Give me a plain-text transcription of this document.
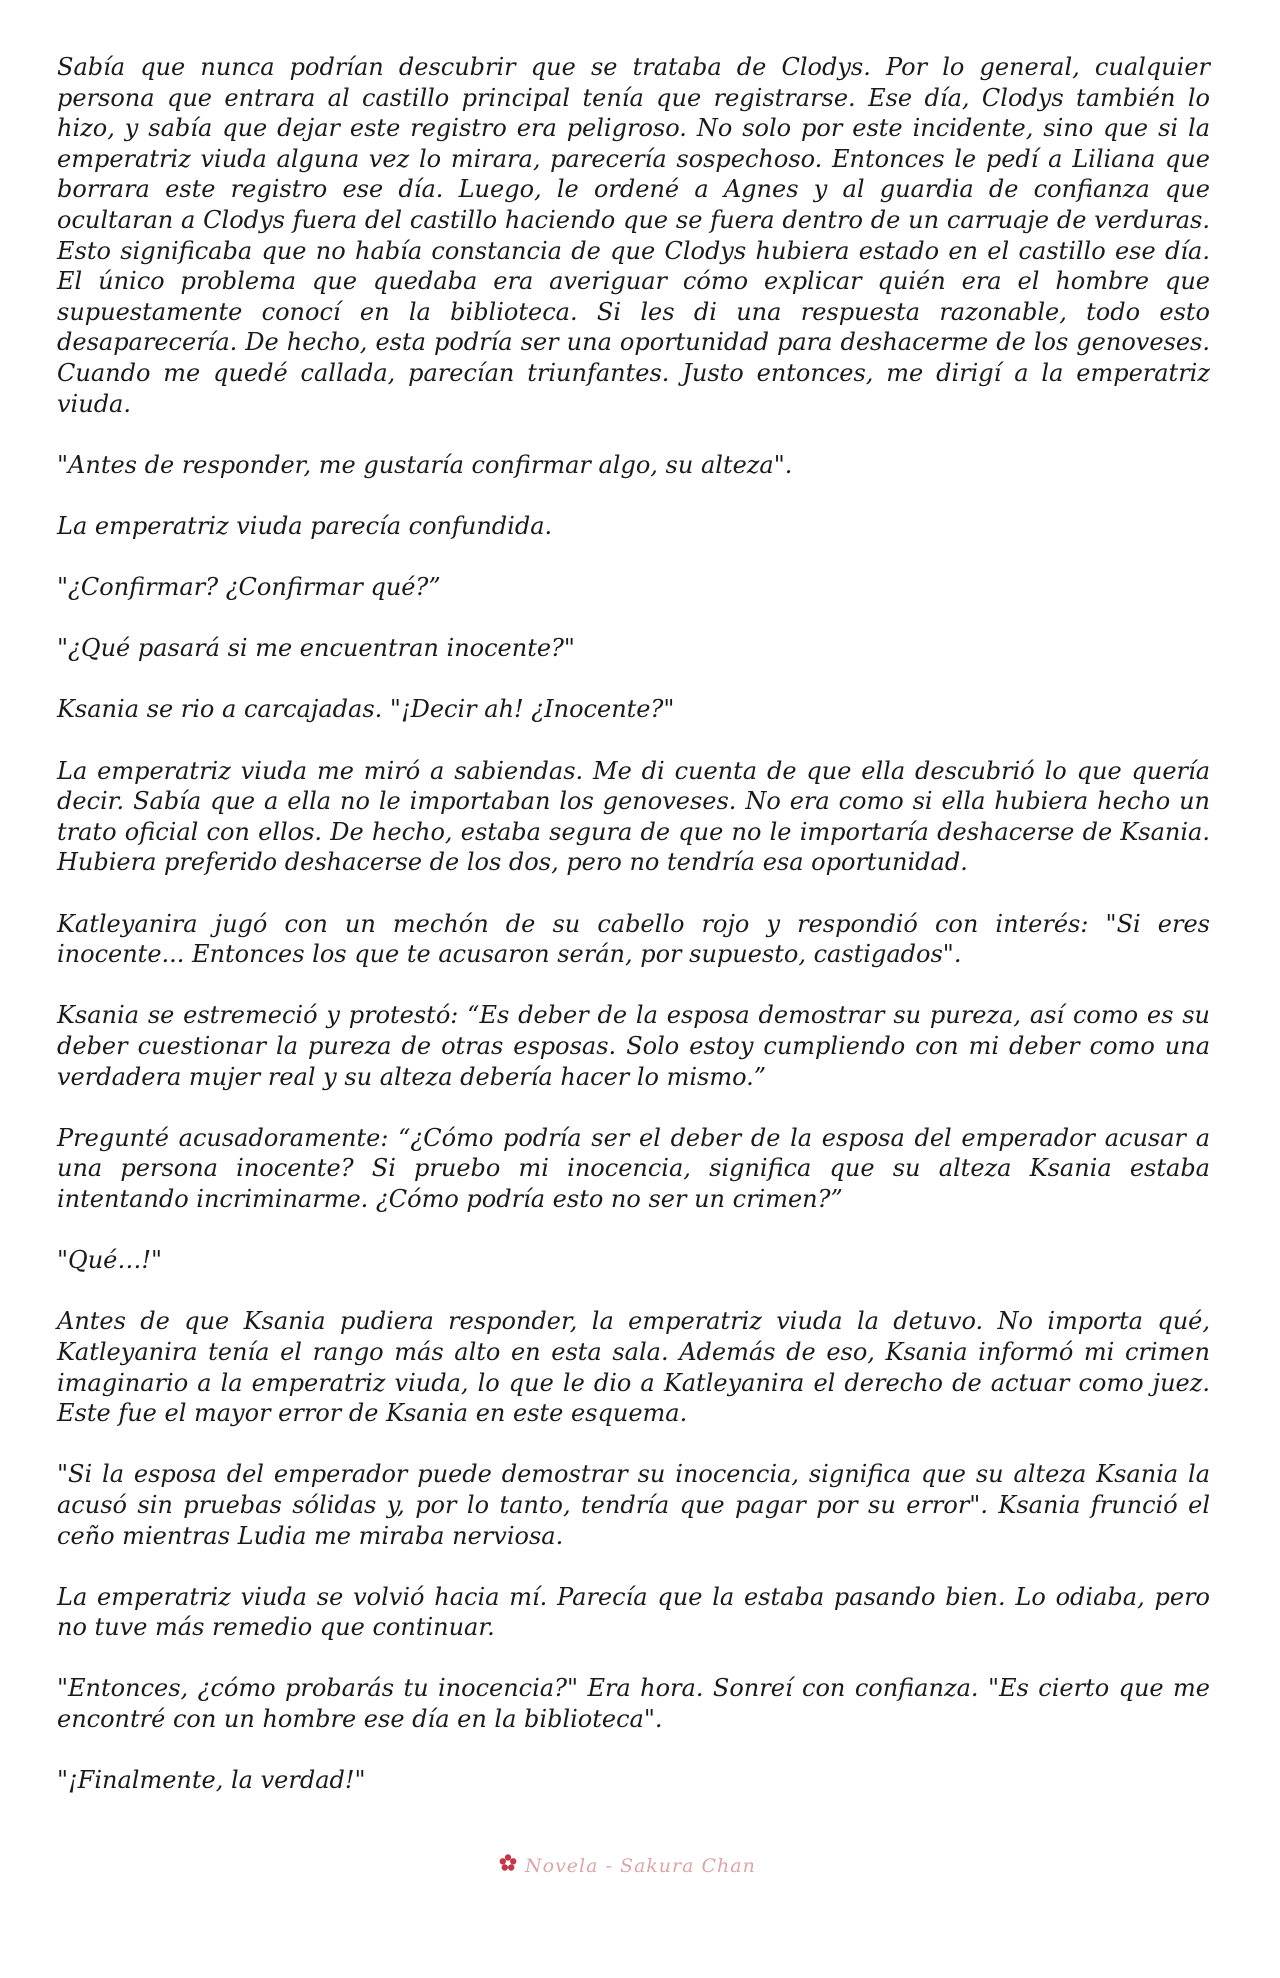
Sabía que nunca podrían descubrir que se trataba de Clodys. Por lo general, cualquier persona que entrara al castillo principal tenía que registrarse. Ese día, Clodys también lo hizo, y sabía que dejar este registro era peligroso. No solo por este incidente, sino que si la emperatriz viuda alguna vez lo mirara, parecería sospechoso. Entonces le pedí a Liliana que borrara este registro ese día. Luego, le ordené a Agnes y al guardia de confianza que ocultaran a Clodys fuera del castillo haciendo que se fuera dentro de un carruaje de verduras. Esto significaba que no había constancia de que Clodys hubiera estado en el castillo ese día. El único problema que quedaba era averiguar cómo explicar quién era el hombre que supuestamente conocí en la biblioteca. Si les di una respuesta razonable, todo esto desaparecería. De hecho, esta podría ser una oportunidad para deshacerme de los genoveses. Cuando me quedé callada, parecían triunfantes. Justo entonces, me dirigí a la emperatriz viuda.

"Antes de responder, me gustaría confirmar algo, su alteza".

La emperatriz viuda parecía confundida.

"¿Confirmar? ¿Confirmar qué?”

"¿Qué pasará si me encuentran inocente?"

Ksania se rio a carcajadas. "¡Decir ah! ¿Inocente?"

La emperatriz viuda me miró a sabiendas. Me di cuenta de que ella descubrió lo que quería decir. Sabía que a ella no le importaban los genoveses. No era como si ella hubiera hecho un trato oficial con ellos. De hecho, estaba segura de que no le importaría deshacerse de Ksania. Hubiera preferido deshacerse de los dos, pero no tendría esa oportunidad.

Katleyanira jugó con un mechón de su cabello rojo y respondió con interés: "Si eres inocente... Entonces los que te acusaron serán, por supuesto, castigados".

Ksania se estremeció y protestó: “Es deber de la esposa demostrar su pureza, así como es su deber cuestionar la pureza de otras esposas. Solo estoy cumpliendo con mi deber como una verdadera mujer real y su alteza debería hacer lo mismo.”

Pregunté acusadoramente: “¿Cómo podría ser el deber de la esposa del emperador acusar a una persona inocente? Si pruebo mi inocencia, significa que su alteza Ksania estaba intentando incriminarme. ¿Cómo podría esto no ser un crimen?”

"Qué…!"

Antes de que Ksania pudiera responder, la emperatriz viuda la detuvo. No importa qué, Katleyanira tenía el rango más alto en esta sala. Además de eso, Ksania informó mi crimen imaginario a la emperatriz viuda, lo que le dio a Katleyanira el derecho de actuar como juez. Este fue el mayor error de Ksania en este esquema.

"Si la esposa del emperador puede demostrar su inocencia, significa que su alteza Ksania la acusó sin pruebas sólidas y, por lo tanto, tendría que pagar por su error". Ksania frunció el ceño mientras Ludia me miraba nerviosa.

La emperatriz viuda se volvió hacia mí. Parecía que la estaba pasando bien. Lo odiaba, pero no tuve más remedio que continuar.

"Entonces, ¿cómo probarás tu inocencia?" Era hora. Sonreí con confianza. "Es cierto que me encontré con un hombre ese día en la biblioteca".

"¡Finalmente, la verdad!"

Novela - Sakura Chan
